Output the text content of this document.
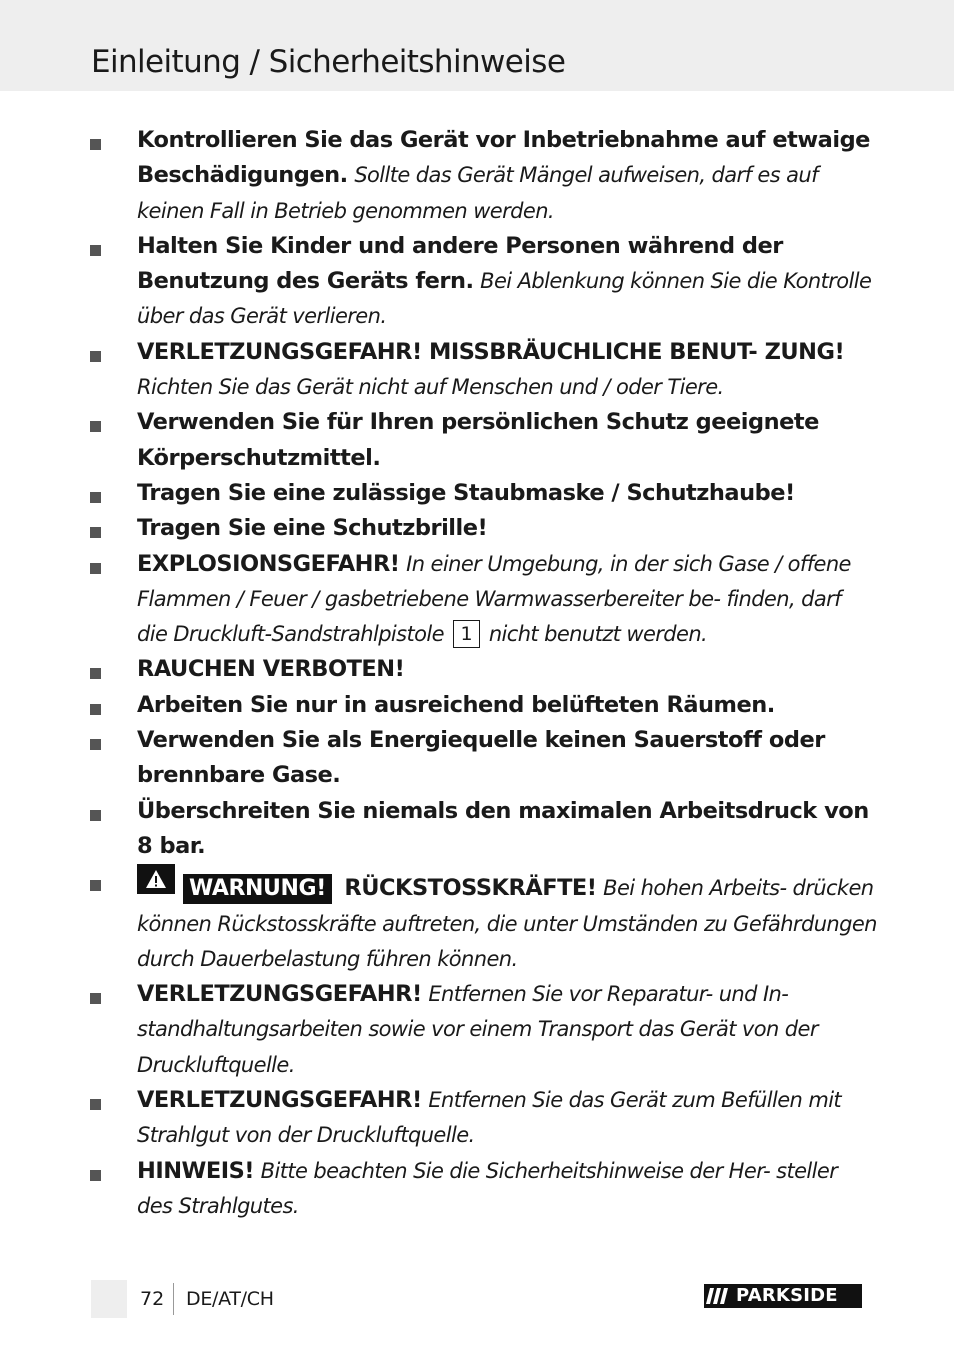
Einleitung / Sicherheitshinweise
Kontrollieren Sie das Gerät vor Inbetriebnahme auf etwaige Beschädigungen. Sollte das Gerät Mängel aufweisen, darf es auf keinen Fall in Betrieb genommen werden.
Halten Sie Kinder und andere Personen während der Benutzung des Geräts fern. Bei Ablenkung können Sie die Kontrolle über das Gerät verlieren.
VERLETZUNGSGEFAHR! MISSBRÄUCHLICHE BENUT- ZUNG! Richten Sie das Gerät nicht auf Menschen und / oder Tiere.
Verwenden Sie für Ihren persönlichen Schutz geeignete Körperschutzmittel.
Tragen Sie eine zulässige Staubmaske / Schutzhaube!
Tragen Sie eine Schutzbrille!
EXPLOSIONSGEFAHR! In einer Umgebung, in der sich Gase / offene Flammen / Feuer / gasbetriebene Warmwasserbereiter be- finden, darf die Druckluft-Sandstrahlpistole 1 nicht benutzt werden.
RAUCHEN VERBOTEN!
Arbeiten Sie nur in ausreichend belüfteten Räumen.
Verwenden Sie als Energiequelle keinen Sauerstoff oder brennbare Gase.
Überschreiten Sie niemals den maximalen Arbeitsdruck von 8 bar.
WARNUNG! RÜCKSTOSSKRÄFTE! Bei hohen Arbeits- drücken können Rückstosskräfte auftreten, die unter Umständen zu Gefährdungen durch Dauerbelastung führen können.
VERLETZUNGSGEFAHR! Entfernen Sie vor Reparatur- und In- standhaltungsarbeiten sowie vor einem Transport das Gerät von der Druckluftquelle.
VERLETZUNGSGEFAHR! Entfernen Sie das Gerät zum Befüllen mit Strahlgut von der Druckluftquelle.
HINWEIS! Bitte beachten Sie die Sicherheitshinweise der Her- steller des Strahlgutes.
72 DE/AT/CH	PARKSIDE
